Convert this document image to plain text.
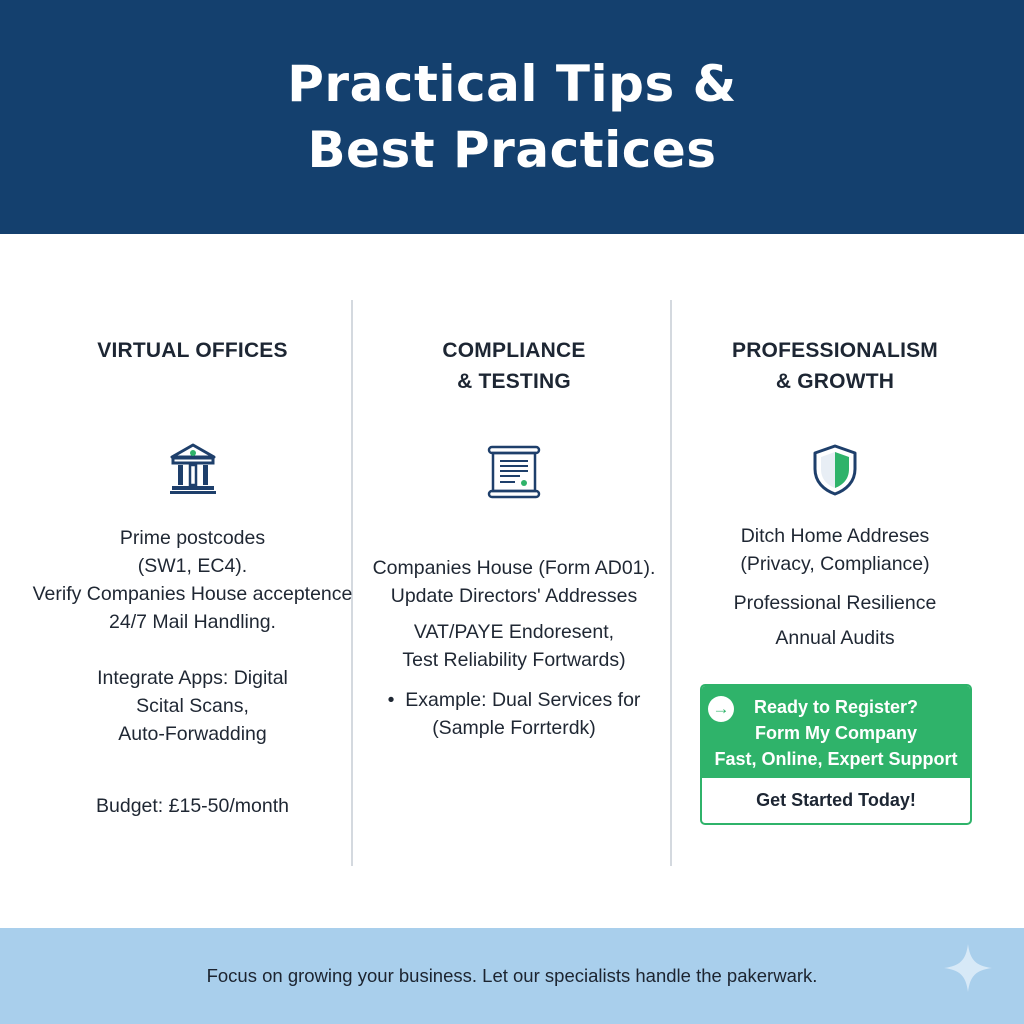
Practical Tips &
Best Practices
VIRTUAL OFFICES
Prime postcodes
(SW1, EC4).
Verify Companies House acceptence
24/7 Mail Handling.
Integrate Apps: Digital
Scital Scans,
Auto-Forwadding
Budget: £15-50/month
COMPLIANCE
& TESTING
Companies House (Form AD01).
Update Directors' Addresses
VAT/PAYE Endoresent,
Test Reliability Fortwards)
• Example: Dual Services for
(Sample Forrterdk)
PROFESSIONALISM
& GROWTH
Ditch Home Addreses
(Privacy, Compliance)
Professional Resilience
Annual Audits
→	Ready to Register?
Form My Company
Fast, Online, Expert Support
Get Started Today!
Focus on growing your business. Let our specialists handle the pakerwark.
